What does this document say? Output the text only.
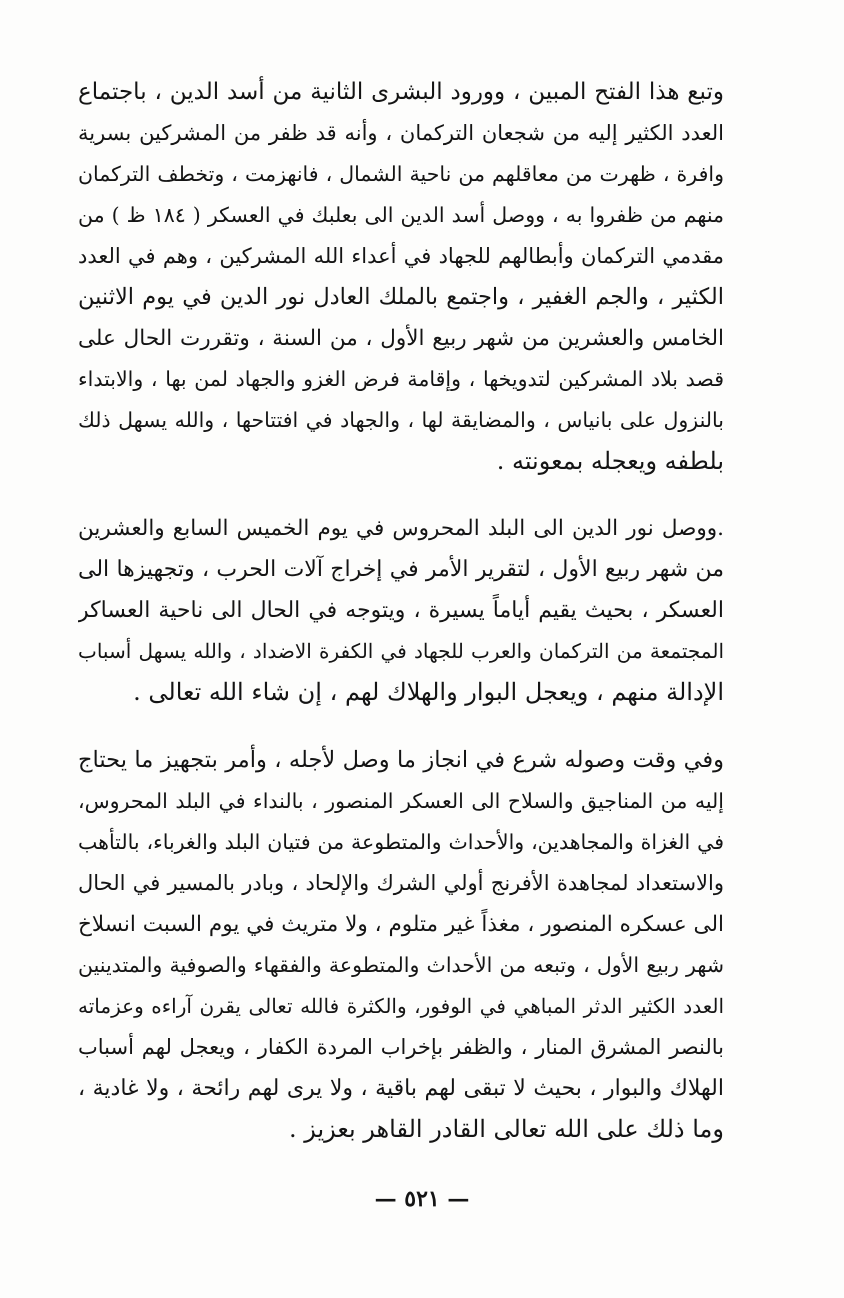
وتبع هذا الفتح المبين ، وورود البشرى الثانية من أسد الدين ، باجتماع
العدد الكثير إليه من شجعان التركمان ، وأنه قد ظفر من المشركين بسرية
وافرة ، ظهرت من معاقلهم من ناحية الشمال ، فانهزمت ، وتخطف التركمان
منهم من ظفروا به ، ووصل أسد الدين الى بعلبك في العسكر ( ١٨٤ ظ ) من
مقدمي التركمان وأبطالهم للجهاد في أعداء الله المشركين ، وهم في العدد
الكثير ، والجم الغفير ، واجتمع بالملك العادل نور الدين في يوم الاثنين
الخامس والعشرين من شهر ربيع الأول ، من السنة ، وتقررت الحال على
قصد بلاد المشركين لتدويخها ، وإقامة فرض الغزو والجهاد لمن بها ، والابتداء
بالنزول على بانياس ، والمضايقة لها ، والجهاد في افتتاحها ، والله يسهل ذلك
بلطفه ويعجله بمعونته .
.ووصل نور الدين الى البلد المحروس في يوم الخميس السابع والعشرين
من شهر ربيع الأول ، لتقرير الأمر في إخراج آلات الحرب ، وتجهيزها الى
العسكر ، بحيث يقيم أياماً يسيرة ، ويتوجه في الحال الى ناحية العساكر
المجتمعة من التركمان والعرب للجهاد في الكفرة الاضداد ، والله يسهل أسباب
الإدالة منهم ، ويعجل البوار والهلاك لهم ، إن شاء الله تعالى .
وفي وقت وصوله شرع في انجاز ما وصل لأجله ، وأمر بتجهيز ما يحتاج
إليه من المناجيق والسلاح الى العسكر المنصور ، بالنداء في البلد المحروس،
في الغزاة والمجاهدين، والأحداث والمتطوعة من فتيان البلد والغرباء، بالتأهب
والاستعداد لمجاهدة الأفرنج أولي الشرك والإلحاد ، وبادر بالمسير في الحال
الى عسكره المنصور ، مغذاً غير متلوم ، ولا متريث في يوم السبت انسلاخ
شهر ربيع الأول ، وتبعه من الأحداث والمتطوعة والفقهاء والصوفية والمتدينين
العدد الكثير الدثر المباهي في الوفور، والكثرة فالله تعالى يقرن آراءه وعزماته
بالنصر المشرق المنار ، والظفر بإخراب المردة الكفار ، ويعجل لهم أسباب
الهلاك والبوار ، بحيث لا تبقى لهم باقية ، ولا يرى لهم رائحة ، ولا غادية ،
وما ذلك على الله تعالى القادر القاهر بعزيز .
— ٥٢١ —
